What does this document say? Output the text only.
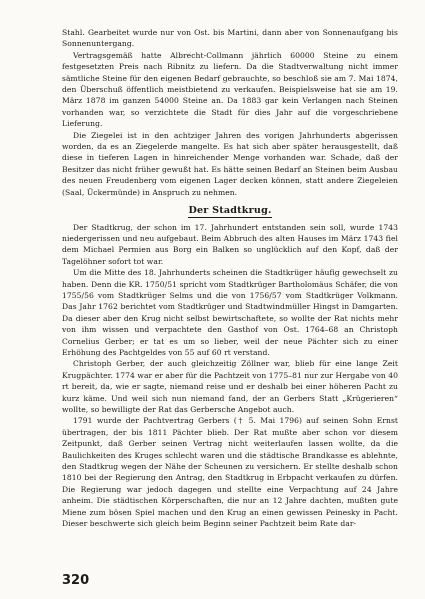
Stahl. Gearbeitet wurde nur von Ost. bis Martini, dann aber von Sonnenaufgang bis Sonnenuntergang.

Vertragsgemäß hatte Albrecht-Collmann jährlich 60000 Steine zu einem festgesetzten Preis nach Ribnitz zu liefern. Da die Stadtverwaltung nicht immer sämtliche Steine für den eigenen Bedarf gebrauchte, so beschloß sie am 7. Mai 1874, den Überschuß öffentlich meistbietend zu verkaufen. Beispielsweise hat sie am 19. März 1878 im ganzen 54000 Steine an. Da 1883 gar kein Verlangen nach Steinen vorhanden war, so verzichtete die Stadt für dies Jahr auf die vorgeschriebene Lieferung.

Die Ziegelei ist in den achtziger Jahren des vorigen Jahrhunderts abgerissen worden, da es an Ziegelerde mangelte. Es hat sich aber später herausgestellt, daß diese in tieferen Lagen in hinreichender Menge vorhanden war. Schade, daß der Besitzer das nicht früher gewußt hat. Es hätte seinen Bedarf an Steinen beim Ausbau des neuen Freudenberg vom eigenen Lager decken können, statt andere Ziegeleien (Saal, Ückermünde) in Anspruch zu nehmen.

Der Stadtkrug.

Der Stadtkrug, der schon im 17. Jahrhundert entstanden sein soll, wurde 1743 niedergerissen und neu aufgebaut. Beim Abbruch des alten Hauses im März 1743 fiel dem Michael Permien aus Borg ein Balken so unglücklich auf den Kopf, daß der Tagelöhner sofort tot war.

Um die Mitte des 18. Jahrhunderts scheinen die Stadtkrüger häufig gewechselt zu haben. Denn die KR. 1750/51 spricht vom Stadtkrüger Bartholomäus Schäfer, die von 1755/56 vom Stadtkrüger Selms und die von 1756/57 vom Stadtkrüger Volkmann. Das Jahr 1762 berichtet vom Stadtkrüger und Stadtwindmüller Hingst in Damgarten. Da dieser aber den Krug nicht selbst bewirtschaftete, so wollte der Rat nichts mehr von ihm wissen und verpachtete den Gasthof von Ost. 1764–68 an Christoph Cornelius Gerber; er tat es um so lieber, weil der neue Pächter sich zu einer Erhöhung des Pachtgeldes von 55 auf 60 rt verstand.

Christoph Gerber, der auch gleichzeitig Zöllner war, blieb für eine lange Zeit Krugpächter. 1774 war er aber für die Pachtzeit von 1775–81 nur zur Hergabe von 40 rt bereit, da, wie er sagte, niemand reise und er deshalb bei einer höheren Pacht zu kurz käme. Und weil sich nun niemand fand, der an Gerbers Statt „Krügerieren“ wollte, so bewilligte der Rat das Gerbersche Angebot auch.

1791 wurde der Pachtvertrag Gerbers († 5. Mai 1796) auf seinen Sohn Ernst übertragen, der bis 1811 Pächter blieb. Der Rat mußte aber schon vor diesem Zeitpunkt, daß Gerber seinen Vertrag nicht weiterlaufen lassen wollte, da die Baulichkeiten des Kruges schlecht waren und die städtische Brandkasse es ablehnte, den Stadtkrug wegen der Nähe der Scheunen zu versichern. Er stellte deshalb schon 1810 bei der Regierung den Antrag, den Stadtkrug in Erbpacht verkaufen zu dürfen. Die Regierung war jedoch dagegen und stellte eine Verpachtung auf 24 Jahre anheim. Die städtischen Körperschaften, die nur an 12 Jahre dachten, mußten gute Miene zum bösen Spiel machen und den Krug an einen gewissen Peinesky in Pacht. Dieser beschwerte sich gleich beim Beginn seiner Pachtzeit beim Rate dar-

320
